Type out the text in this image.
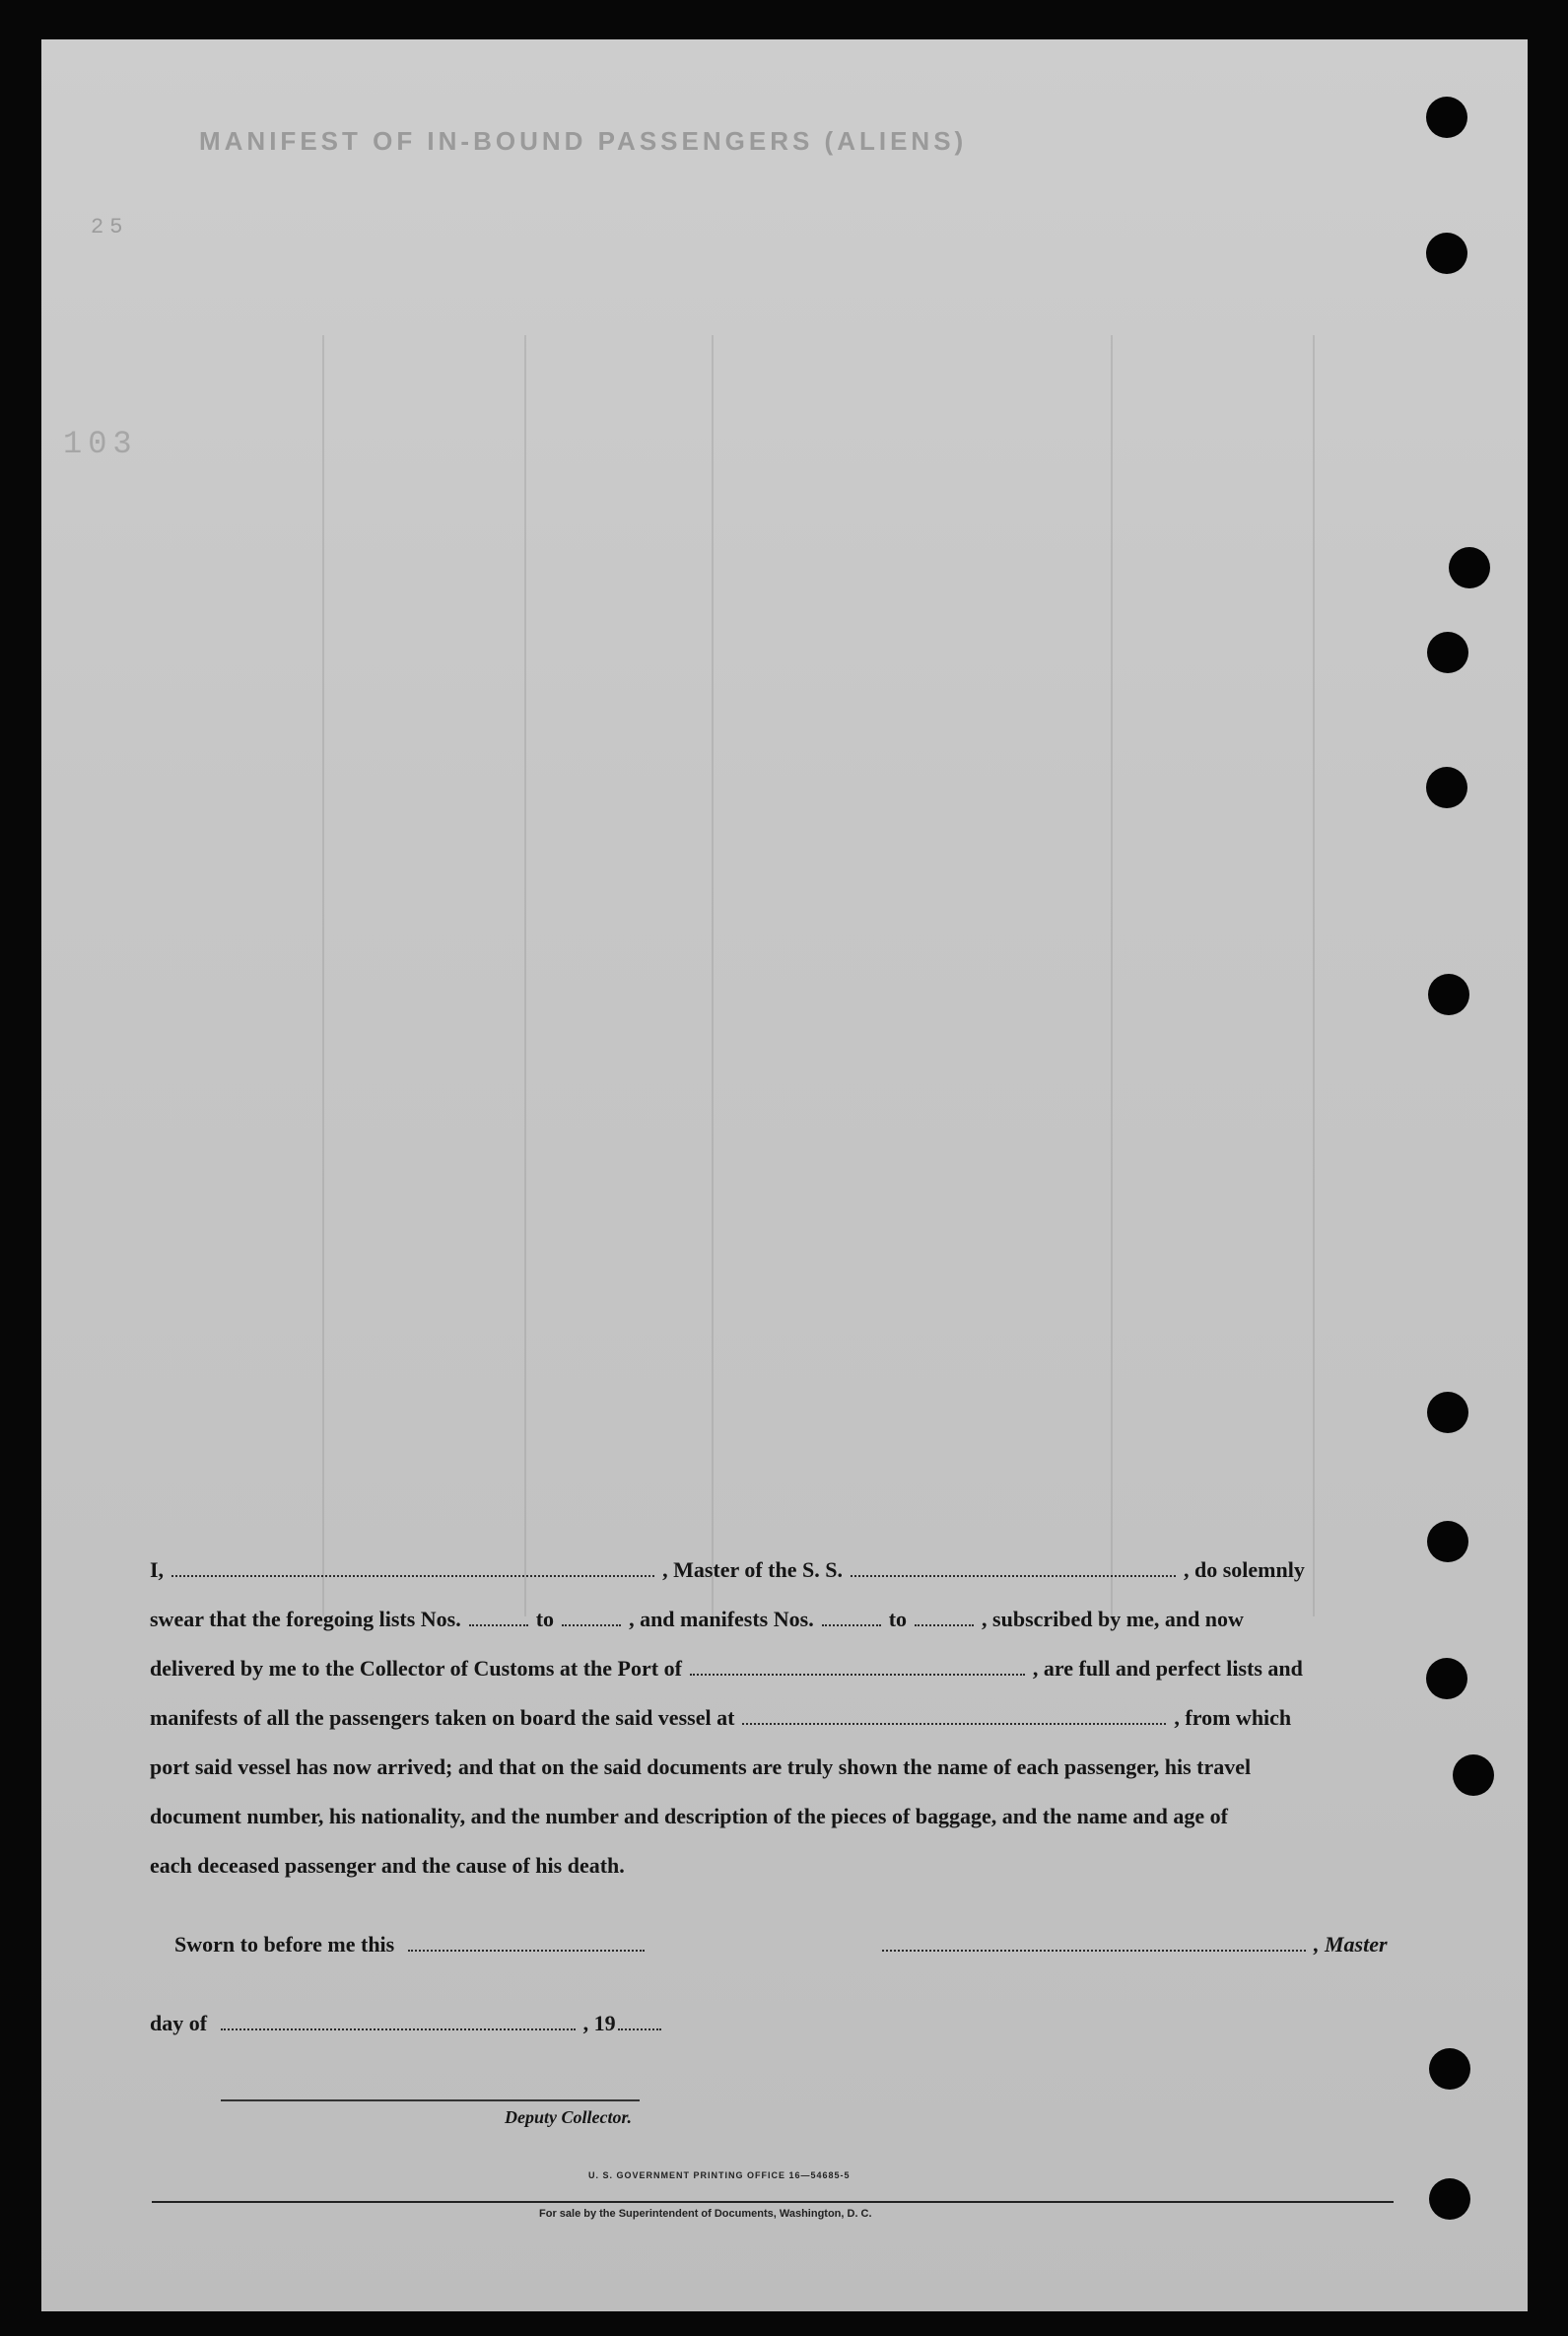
MANIFEST OF IN-BOUND PASSENGERS (ALIENS)
103
25
I,	, Master of the S. S.	, do solemnly
swear that the foregoing lists Nos.	to	, and manifests Nos.	to	, subscribed by me, and now
delivered by me to the Collector of Customs at the Port of	, are full and perfect lists and
manifests of all the passengers taken on board the said vessel at	, from which
port said vessel has now arrived; and that on the said documents are truly shown the name of each passenger, his travel
document number, his nationality, and the number and description of the pieces of baggage, and the name and age of
each deceased passenger and the cause of his death.
Sworn to before me this	, Master
day of	, 19
Deputy Collector.
U. S. GOVERNMENT PRINTING OFFICE 16—54685-5
For sale by the Superintendent of Documents, Washington, D. C.
